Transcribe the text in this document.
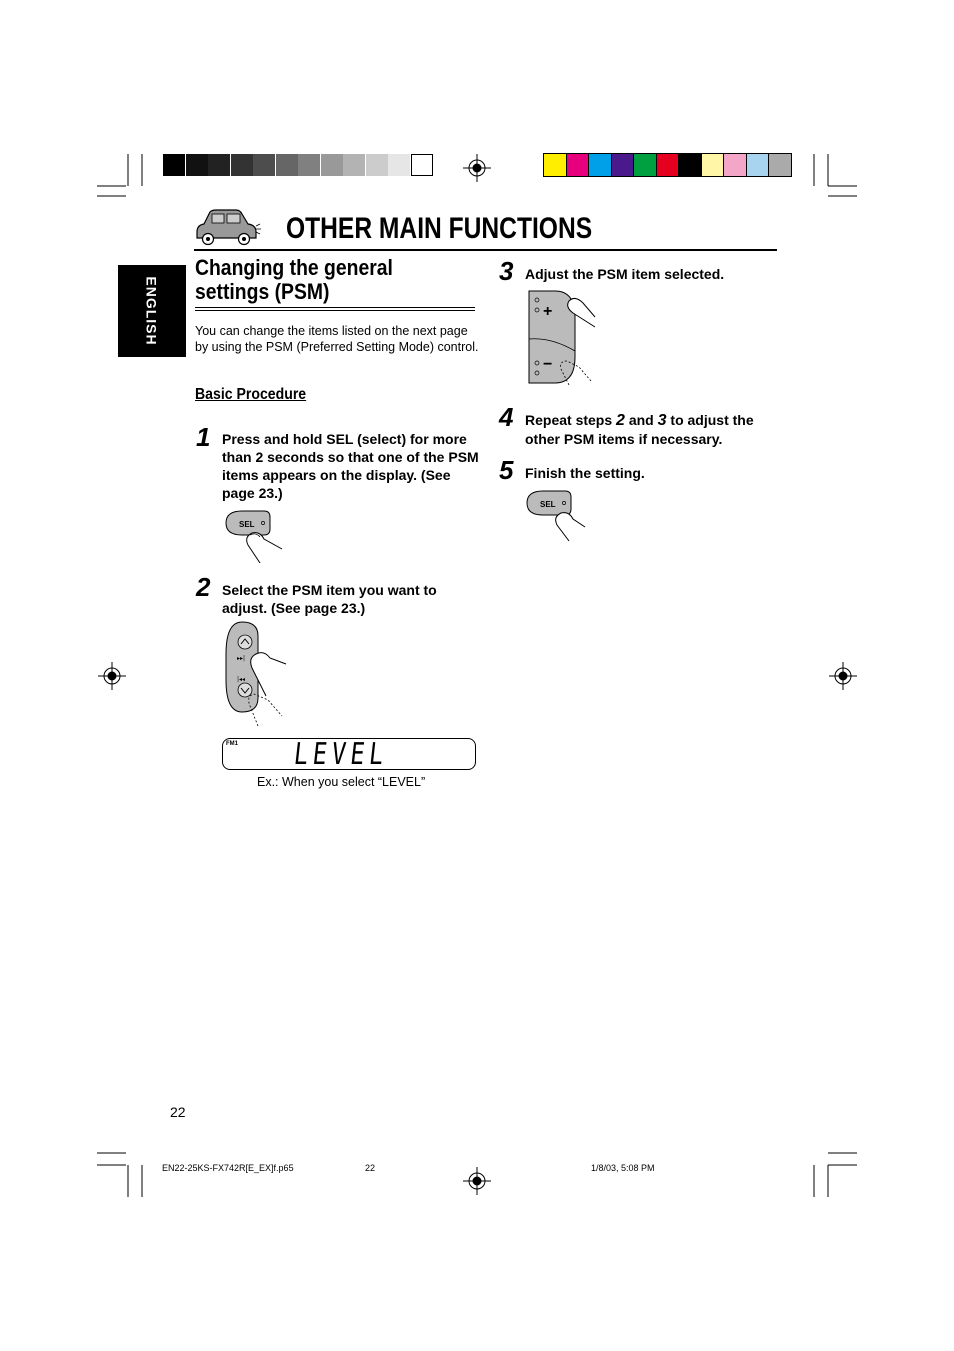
OTHER MAIN FUNCTIONS
ENGLISH
Changing the general settings (PSM)
You can change the items listed on the next page by using the PSM (Preferred Setting Mode) control.
Basic Procedure
1 Press and hold SEL (select) for more than 2 seconds so that one of the PSM items appears on the display. (See page 23.)
SEL
2 Select the PSM item you want to adjust. (See page 23.)
▸▸|
|◂◂
FM1 LEVEL
Ex.: When you select “LEVEL”
3 Adjust the PSM item selected.
+
−
4 Repeat steps 2 and 3 to adjust the other PSM items if necessary.
5 Finish the setting.
SEL
22
EN22-25KS-FX742R[E_EX]f.p65	22	1/8/03, 5:08 PM
